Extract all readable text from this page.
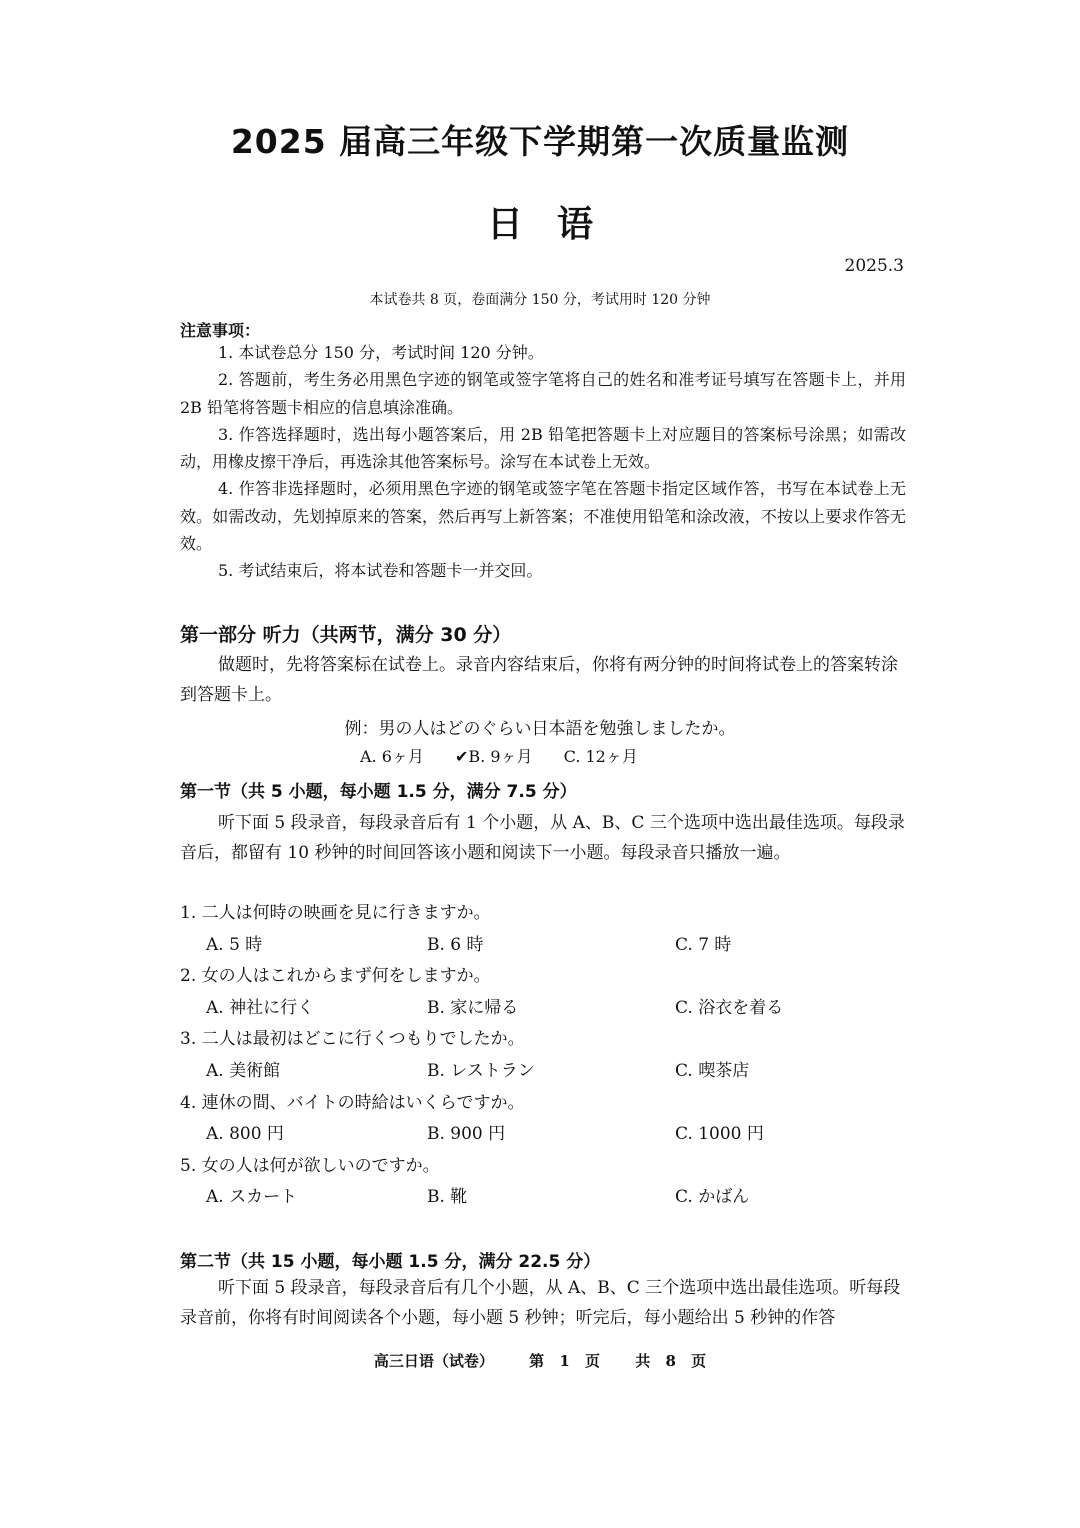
2025 届高三年级下学期第一次质量监测
日语
2025.3
本试卷共 8 页，卷面满分 150 分，考试用时 120 分钟
注意事项：

1. 本试卷总分 150 分，考试时间 120 分钟。

2. 答题前，考生务必用黑色字迹的钢笔或签字笔将自己的姓名和准考证号填写在答题卡上，并用 2B 铅笔将答题卡相应的信息填涂准确。

3. 作答选择题时，选出每小题答案后，用 2B 铅笔把答题卡上对应题目的答案标号涂黑；如需改动，用橡皮擦干净后，再选涂其他答案标号。涂写在本试卷上无效。

4. 作答非选择题时，必须用黑色字迹的钢笔或签字笔在答题卡指定区域作答，书写在本试卷上无效。如需改动，先划掉原来的答案，然后再写上新答案；不准使用铅笔和涂改液，不按以上要求作答无效。

5. 考试结束后，将本试卷和答题卡一并交回。

第一部分 听力（共两节，满分 30 分）
做题时，先将答案标在试卷上。录音内容结束后，你将有两分钟的时间将试卷上的答案转涂到答题卡上。
例：男の人はどのぐらい日本語を勉強しましたか。
A. 6ヶ月 ✔B. 9ヶ月 C. 12ヶ月
第一节（共 5 小题，每小题 1.5 分，满分 7.5 分）
听下面 5 段录音，每段录音后有 1 个小题，从 A、B、C 三个选项中选出最佳选项。每段录音后，都留有 10 秒钟的时间回答该小题和阅读下一小题。每段录音只播放一遍。
1. 二人は何時の映画を見に行きますか。
A. 5 時	B. 6 時	C. 7 時
2. 女の人はこれからまず何をしますか。
A. 神社に行く	B. 家に帰る	C. 浴衣を着る
3. 二人は最初はどこに行くつもりでしたか。
A. 美術館	B. レストラン	C. 喫茶店
4. 連休の間、バイトの時給はいくらですか。
A. 800 円	B. 900 円	C. 1000 円
5. 女の人は何が欲しいのですか。
A. スカート	B. 靴	C. かばん
第二节（共 15 小题，每小题 1.5 分，满分 22.5 分）
听下面 5 段录音，每段录音后有几个小题，从 A、B、C 三个选项中选出最佳选项。听每段录音前，你将有时间阅读各个小题，每小题 5 秒钟；听完后，每小题给出 5 秒钟的作答
高三日语（试卷） 第 1 页 共 8 页
